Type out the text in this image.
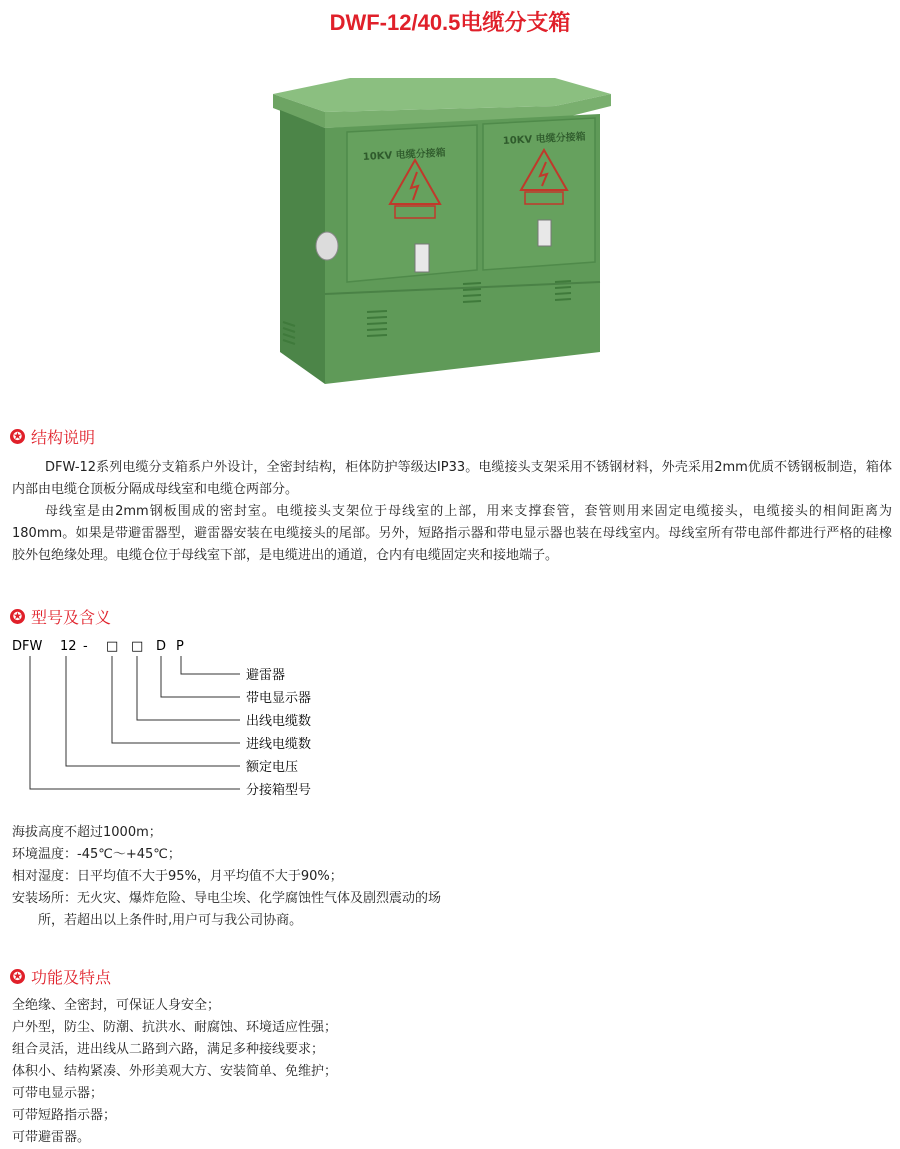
DWF-12/40.5电缆分支箱
10KV 电缆分接箱
10KV 电缆分接箱
✪ 结构说明

DFW-12系列电缆分支箱系户外设计，全密封结构，柜体防护等级达IP33。电缆接头支架采用不锈钢材料，外壳采用2mm优质不锈钢板制造，箱体内部由电缆仓顶板分隔成母线室和电缆仓两部分。

母线室是由2mm钢板围成的密封室。电缆接头支架位于母线室的上部，用来支撑套管，套管则用来固定电缆接头，电缆接头的相间距离为180mm。如果是带避雷器型，避雷器安装在电缆接头的尾部。另外，短路指示器和带电显示器也装在母线室内。母线室所有带电部件都进行严格的硅橡胶外包绝缘处理。电缆仓位于母线室下部，是电缆进出的通道，仓内有电缆固定夹和接地端子。

✪ 型号及含义
DFW 12 - □ □ D P
避雷器
带电显示器
出线电缆数
进线电缆数
额定电压
分接箱型号
海拔高度不超过1000m；
环境温度：-45℃～+45℃；
相对湿度：日平均值不大于95%，月平均值不大于90%；
安装场所：无火灾、爆炸危险、导电尘埃、化学腐蚀性气体及剧烈震动的场
所，若超出以上条件时,用户可与我公司协商。
✪ 功能及特点
全绝缘、全密封，可保证人身安全；
户外型，防尘、防潮、抗洪水、耐腐蚀、环境适应性强；
组合灵活，进出线从二路到六路，满足多种接线要求；
体积小、结构紧凑、外形美观大方、安装简单、免维护；
可带电显示器；
可带短路指示器；
可带避雷器。
